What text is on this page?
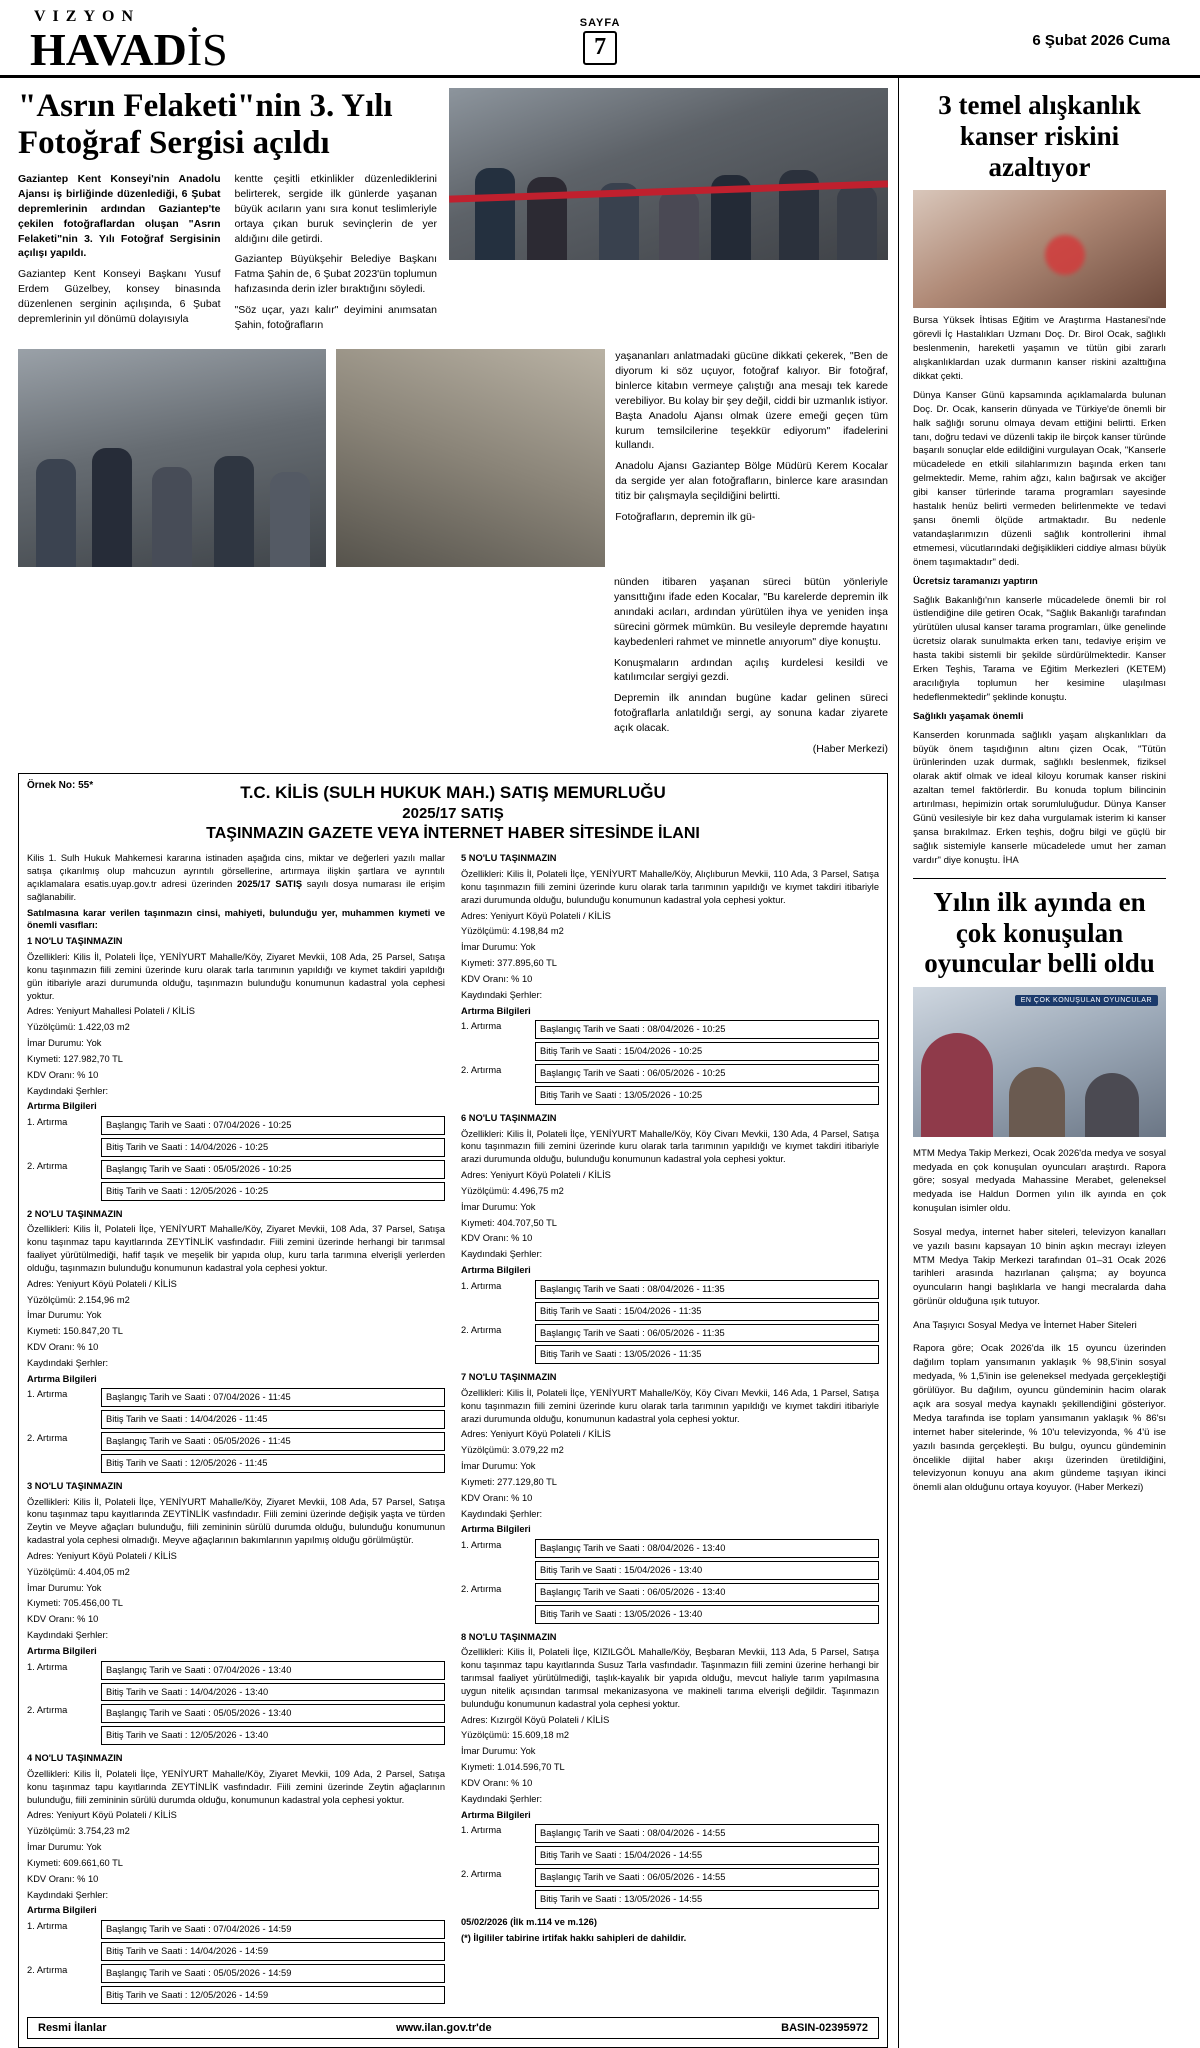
VIZYON
HAVADİS
SAYFA
7	6 Şubat 2026 Cuma
"Asrın Felaketi"nin 3. Yılı
Fotoğraf Sergisi açıldı

Gaziantep Kent Konseyi'nin Anadolu Ajansı iş birliğinde düzenlediği, 6 Şubat depremlerinin ardından Gaziantep'te çekilen fotoğraflardan oluşan "Asrın Felaketi"nin 3. Yılı Fotoğraf Sergisinin açılışı yapıldı.

Gaziantep Kent Konseyi Başkanı Yusuf Erdem Güzelbey, konsey binasında düzenlenen serginin açılışında, 6 Şubat depremlerinin yıl dönümü dolayısıyla

kentte çeşitli etkinlikler düzenlediklerini belirterek, sergide ilk günlerde yaşanan büyük acıların yanı sıra konut teslimleriyle ortaya çıkan buruk sevinçlerin de yer aldığını dile getirdi.

Gaziantep Büyükşehir Belediye Başkanı Fatma Şahin de, 6 Şubat 2023'ün toplumun hafızasında derin izler bıraktığını söyledi.

"Söz uçar, yazı kalır" deyimini anımsatan Şahin, fotoğrafların

yaşananları anlatmadaki gücüne dikkati çekerek, "Ben de diyorum ki söz uçuyor, fotoğraf kalıyor. Bir fotoğraf, binlerce kitabın vermeye çalıştığı ana mesajı tek karede verebiliyor. Bu kolay bir şey değil, ciddi bir uzmanlık istiyor. Başta Anadolu Ajansı olmak üzere emeği geçen tüm kurum temsilcilerine teşekkür ediyorum" ifadelerini kullandı.

Anadolu Ajansı Gaziantep Bölge Müdürü Kerem Kocalar da sergide yer alan fotoğrafların, binlerce kare arasından titiz bir çalışmayla seçildiğini belirtti.

Fotoğrafların, depremin ilk gü-

nünden itibaren yaşanan süreci bütün yönleriyle yansıttığını ifade eden Kocalar, "Bu karelerde depremin ilk anındaki acıları, ardından yürütülen ihya ve yeniden inşa sürecini görmek mümkün. Bu vesileyle depremde hayatını kaybedenleri rahmet ve minnetle anıyorum" diye konuştu.

Konuşmaların ardından açılış kurdelesi kesildi ve katılımcılar sergiyi gezdi.

Depremin ilk anından bugüne kadar gelinen süreci fotoğraflarla anlatıldığı sergi, ay sonuna kadar ziyarete açık olacak.

(Haber Merkezi)

Örnek No: 55*	T.C. KİLİS (SULH HUKUK MAH.) SATIŞ MEMURLUĞU
2025/17 SATIŞ
TAŞINMAZIN GAZETE VEYA İNTERNET HABER SİTESİNDE İLANI

Kilis 1. Sulh Hukuk Mahkemesi kararına istinaden aşağıda cins, miktar ve değerleri yazılı mallar satışa çıkarılmış olup mahcuzun ayrıntılı görsellerine, artırmaya ilişkin şartlara ve ayrıntılı açıklamalara esatis.uyap.gov.tr adresi üzerinden 2025/17 SATIŞ sayılı dosya numarası ile erişim sağlanabilir.

Satılmasına karar verilen taşınmazın cinsi, mahiyeti, bulunduğu yer, muhammen kıymeti ve önemli vasıfları:

1 NO'LU TAŞINMAZIN

Özellikleri: Kilis İl, Polateli İlçe, YENİYURT Mahalle/Köy, Ziyaret Mevkii, 108 Ada, 25 Parsel, Satışa konu taşınmazın fiili zemini üzerinde kuru olarak tarla tarımının yapıldığı ve kıymet takdiri yapıldığı gün itibariyle arazi durumunda olduğu, taşınmazın bulunduğu konumunun kadastral yola cephesi yoktur.

Adres: Yeniyurt Mahallesi Polateli / KİLİS

Yüzölçümü: 1.422,03 m2

İmar Durumu: Yok

Kıymeti: 127.982,70 TL

KDV Oranı: % 10

Kaydındaki Şerhler:

Artırma Bilgileri

1. Artırma	Başlangıç Tarih ve Saati : 07/04/2026 - 10:25
Bitiş Tarih ve Saati : 14/04/2026 - 10:25
2. Artırma	Başlangıç Tarih ve Saati : 05/05/2026 - 10:25
Bitiş Tarih ve Saati : 12/05/2026 - 10:25

2 NO'LU TAŞINMAZIN

Özellikleri: Kilis İl, Polateli İlçe, YENİYURT Mahalle/Köy, Ziyaret Mevkii, 108 Ada, 37 Parsel, Satışa konu taşınmaz tapu kayıtlarında ZEYTİNLİK vasfındadır. Fiili zemini üzerinde herhangi bir tarımsal faaliyet yürütülmediği, hafif taşık ve meşelik bir yapıda olup, kuru tarla tarımına elverişli yerlerden olduğu, taşınmazın bulunduğu konumunun kadastral yola cephesi yoktur.

Adres: Yeniyurt Köyü Polateli / KİLİS

Yüzölçümü: 2.154,96 m2

İmar Durumu: Yok

Kıymeti: 150.847,20 TL

KDV Oranı: % 10

Kaydındaki Şerhler:

Artırma Bilgileri

1. Artırma	Başlangıç Tarih ve Saati : 07/04/2026 - 11:45
Bitiş Tarih ve Saati : 14/04/2026 - 11:45
2. Artırma	Başlangıç Tarih ve Saati : 05/05/2026 - 11:45
Bitiş Tarih ve Saati : 12/05/2026 - 11:45

3 NO'LU TAŞINMAZIN

Özellikleri: Kilis İl, Polateli İlçe, YENİYURT Mahalle/Köy, Ziyaret Mevkii, 108 Ada, 57 Parsel, Satışa konu taşınmaz tapu kayıtlarında ZEYTİNLİK vasfındadır. Fiili zemini üzerinde değişik yaşta ve türden Zeytin ve Meyve ağaçları bulunduğu, fiili zemininin sürülü durumda olduğu, bulunduğu konumunun kadastral yola cephesi olmadığı. Meyve ağaçlarının bakımlarının yapılmış olduğu görülmüştür.

Adres: Yeniyurt Köyü Polateli / KİLİS

Yüzölçümü: 4.404,05 m2

İmar Durumu: Yok

Kıymeti: 705.456,00 TL

KDV Oranı: % 10

Kaydındaki Şerhler:

Artırma Bilgileri

1. Artırma	Başlangıç Tarih ve Saati : 07/04/2026 - 13:40
Bitiş Tarih ve Saati : 14/04/2026 - 13:40
2. Artırma	Başlangıç Tarih ve Saati : 05/05/2026 - 13:40
Bitiş Tarih ve Saati : 12/05/2026 - 13:40

4 NO'LU TAŞINMAZIN

Özellikleri: Kilis İl, Polateli İlçe, YENİYURT Mahalle/Köy, Ziyaret Mevkii, 109 Ada, 2 Parsel, Satışa konu taşınmaz tapu kayıtlarında ZEYTİNLİK vasfındadır. Fiili zemini üzerinde Zeytin ağaçlarının bulunduğu, fiili zemininin sürülü durumda olduğu, konumunun kadastral yola cephesi yoktur.

Adres: Yeniyurt Köyü Polateli / KİLİS

Yüzölçümü: 3.754,23 m2

İmar Durumu: Yok

Kıymeti: 609.661,60 TL

KDV Oranı: % 10

Kaydındaki Şerhler:

Artırma Bilgileri

1. Artırma	Başlangıç Tarih ve Saati : 07/04/2026 - 14:59
Bitiş Tarih ve Saati : 14/04/2026 - 14:59
2. Artırma	Başlangıç Tarih ve Saati : 05/05/2026 - 14:59
Bitiş Tarih ve Saati : 12/05/2026 - 14:59

5 NO'LU TAŞINMAZIN

Özellikleri: Kilis İl, Polateli İlçe, YENİYURT Mahalle/Köy, Alıçlıburun Mevkii, 110 Ada, 3 Parsel, Satışa konu taşınmazın fiili zemini üzerinde kuru olarak tarla tarımının yapıldığı ve kıymet takdiri itibariyle arazi durumunda olduğu, bulunduğu konumunun kadastral yola cephesi yoktur.

Adres: Yeniyurt Köyü Polateli / KİLİS

Yüzölçümü: 4.198,84 m2

İmar Durumu: Yok

Kıymeti: 377.895,60 TL

KDV Oranı: % 10

Kaydındaki Şerhler:

Artırma Bilgileri

1. Artırma	Başlangıç Tarih ve Saati : 08/04/2026 - 10:25
Bitiş Tarih ve Saati : 15/04/2026 - 10:25
2. Artırma	Başlangıç Tarih ve Saati : 06/05/2026 - 10:25
Bitiş Tarih ve Saati : 13/05/2026 - 10:25

6 NO'LU TAŞINMAZIN

Özellikleri: Kilis İl, Polateli İlçe, YENİYURT Mahalle/Köy, Köy Civarı Mevkii, 130 Ada, 4 Parsel, Satışa konu taşınmazın fiili zemini üzerinde kuru olarak tarla tarımının yapıldığı ve kıymet takdiri itibariyle arazi durumunda olduğu, bulunduğu konumunun kadastral yola cephesi yoktur.

Adres: Yeniyurt Köyü Polateli / KİLİS

Yüzölçümü: 4.496,75 m2

İmar Durumu: Yok

Kıymeti: 404.707,50 TL

KDV Oranı: % 10

Kaydındaki Şerhler:

Artırma Bilgileri

1. Artırma	Başlangıç Tarih ve Saati : 08/04/2026 - 11:35
Bitiş Tarih ve Saati : 15/04/2026 - 11:35
2. Artırma	Başlangıç Tarih ve Saati : 06/05/2026 - 11:35
Bitiş Tarih ve Saati : 13/05/2026 - 11:35

7 NO'LU TAŞINMAZIN

Özellikleri: Kilis İl, Polateli İlçe, YENİYURT Mahalle/Köy, Köy Civarı Mevkii, 146 Ada, 1 Parsel, Satışa konu taşınmazın fiili zemini üzerinde kuru olarak tarla tarımının yapıldığı ve kıymet takdiri itibariyle arazi durumunda olduğu, konumunun kadastral yola cephesi yoktur.

Adres: Yeniyurt Köyü Polateli / KİLİS

Yüzölçümü: 3.079,22 m2

İmar Durumu: Yok

Kıymeti: 277.129,80 TL

KDV Oranı: % 10

Kaydındaki Şerhler:

Artırma Bilgileri

1. Artırma	Başlangıç Tarih ve Saati : 08/04/2026 - 13:40
Bitiş Tarih ve Saati : 15/04/2026 - 13:40
2. Artırma	Başlangıç Tarih ve Saati : 06/05/2026 - 13:40
Bitiş Tarih ve Saati : 13/05/2026 - 13:40

8 NO'LU TAŞINMAZIN

Özellikleri: Kilis İl, Polateli İlçe, KIZILGÖL Mahalle/Köy, Beşbaran Mevkii, 113 Ada, 5 Parsel, Satışa konu taşınmaz tapu kayıtlarında Susuz Tarla vasfındadır. Taşınmazın fiili zemini üzerine herhangi bir tarımsal faaliyet yürütülmediği, taşlık-kayalık bir yapıda olduğu, mevcut haliyle tarım yapılmasına uygun nitelik açısından tarımsal mekanizasyona ve makineli tarıma elverişli değildir. Taşınmazın bulunduğu konumunun kadastral yola cephesi yoktur.

Adres: Kızırgöl Köyü Polateli / KİLİS

Yüzölçümü: 15.609,18 m2

İmar Durumu: Yok

Kıymeti: 1.014.596,70 TL

KDV Oranı: % 10

Kaydındaki Şerhler:

Artırma Bilgileri

1. Artırma	Başlangıç Tarih ve Saati : 08/04/2026 - 14:55
Bitiş Tarih ve Saati : 15/04/2026 - 14:55
2. Artırma	Başlangıç Tarih ve Saati : 06/05/2026 - 14:55
Bitiş Tarih ve Saati : 13/05/2026 - 14:55

05/02/2026 (İlk m.114 ve m.126)

(*) İlgililer tabirine irtifak hakkı sahipleri de dahildir.

Resmi İlanlar	www.ilan.gov.tr'de	BASIN-02395972
3 temel alışkanlık kanser riskini azaltıyor

Bursa Yüksek İhtisas Eğitim ve Araştırma Hastanesi'nde görevli İç Hastalıkları Uzmanı Doç. Dr. Birol Ocak, sağlıklı beslenmenin, hareketli yaşamın ve tütün gibi zararlı alışkanlıklardan uzak durmanın kanser riskini azalttığına dikkat çekti.

Dünya Kanser Günü kapsamında açıklamalarda bulunan Doç. Dr. Ocak, kanserin dünyada ve Türkiye'de önemli bir halk sağlığı sorunu olmaya devam ettiğini belirtti. Erken tanı, doğru tedavi ve düzenli takip ile birçok kanser türünde başarılı sonuçlar elde edildiğini vurgulayan Ocak, "Kanserle mücadelede en etkili silahlarımızın başında erken tanı gelmektedir. Meme, rahim ağzı, kalın bağırsak ve akciğer gibi kanser türlerinde tarama programları sayesinde hastalık henüz belirti vermeden belirlenmekte ve tedavi şansı önemli ölçüde artmaktadır. Bu nedenle vatandaşlarımızın düzenli sağlık kontrollerini ihmal etmemesi, vücutlarındaki değişiklikleri ciddiye alması büyük önem taşımaktadır" dedi.

Ücretsiz taramanızı yaptırın

Sağlık Bakanlığı'nın kanserle mücadelede önemli bir rol üstlendiğine dile getiren Ocak, "Sağlık Bakanlığı tarafından yürütülen ulusal kanser tarama programları, ülke genelinde ücretsiz olarak sunulmakta erken tanı, tedaviye erişim ve hasta takibi sistemli bir şekilde sürdürülmektedir. Kanser Erken Teşhis, Tarama ve Eğitim Merkezleri (KETEM) aracılığıyla toplumun her kesimine ulaşılması hedeflenmektedir" şeklinde konuştu.

Sağlıklı yaşamak önemli

Kanserden korunmada sağlıklı yaşam alışkanlıkları da büyük önem taşıdığının altını çizen Ocak, "Tütün ürünlerinden uzak durmak, sağlıklı beslenmek, fiziksel olarak aktif olmak ve ideal kiloyu korumak kanser riskini azaltan temel faktörlerdir. Bu konuda toplum bilincinin artırılması, hepimizin ortak sorumluluğudur. Dünya Kanser Günü vesilesiyle bir kez daha vurgulamak isterim ki kanser şansa bırakılmaz. Erken teşhis, doğru bilgi ve güçlü bir sağlık sistemiyle kanserle mücadelede umut her zaman vardır" diye konuştu. İHA

Yılın ilk ayında en çok konuşulan oyuncular belli oldu
EN ÇOK KONUŞULAN OYUNCULAR

MTM Medya Takip Merkezi, Ocak 2026'da medya ve sosyal medyada en çok konuşulan oyuncuları araştırdı. Rapora göre; sosyal medyada Mahassine Merabet, geleneksel medyada ise Haldun Dormen yılın ilk ayında en çok konuşulan isimler oldu.

Sosyal medya, internet haber siteleri, televizyon kanalları ve yazılı basını kapsayan 10 binin aşkın mecrayı izleyen MTM Medya Takip Merkezi tarafından 01–31 Ocak 2026 tarihleri arasında hazırlanan çalışma; ay boyunca oyuncuların hangi başlıklarla ve hangi mecralarda daha görünür olduğuna ışık tutuyor.

Ana Taşıyıcı Sosyal Medya ve İnternet Haber Siteleri

Rapora göre; Ocak 2026'da ilk 15 oyuncu üzerinden dağılım toplam yansımanın yaklaşık % 98,5'inin sosyal medyada, % 1,5'inin ise geleneksel medyada gerçekleştiği görülüyor. Bu dağılım, oyuncu gündeminin hacim olarak açık ara sosyal medya kaynaklı şekillendiğini gösteriyor. Medya tarafında ise toplam yansımanın yaklaşık % 86'sı internet haber sitelerinde, % 10'u televizyonda, % 4'ü ise yazılı basında gerçekleşti. Bu bulgu, oyuncu gündeminin öncelikle dijital haber akışı üzerinden üretildiğini, televizyonun konuyu ana akım gündeme taşıyan ikinci önemli alan olduğunu ortaya koyuyor. (Haber Merkezi)
